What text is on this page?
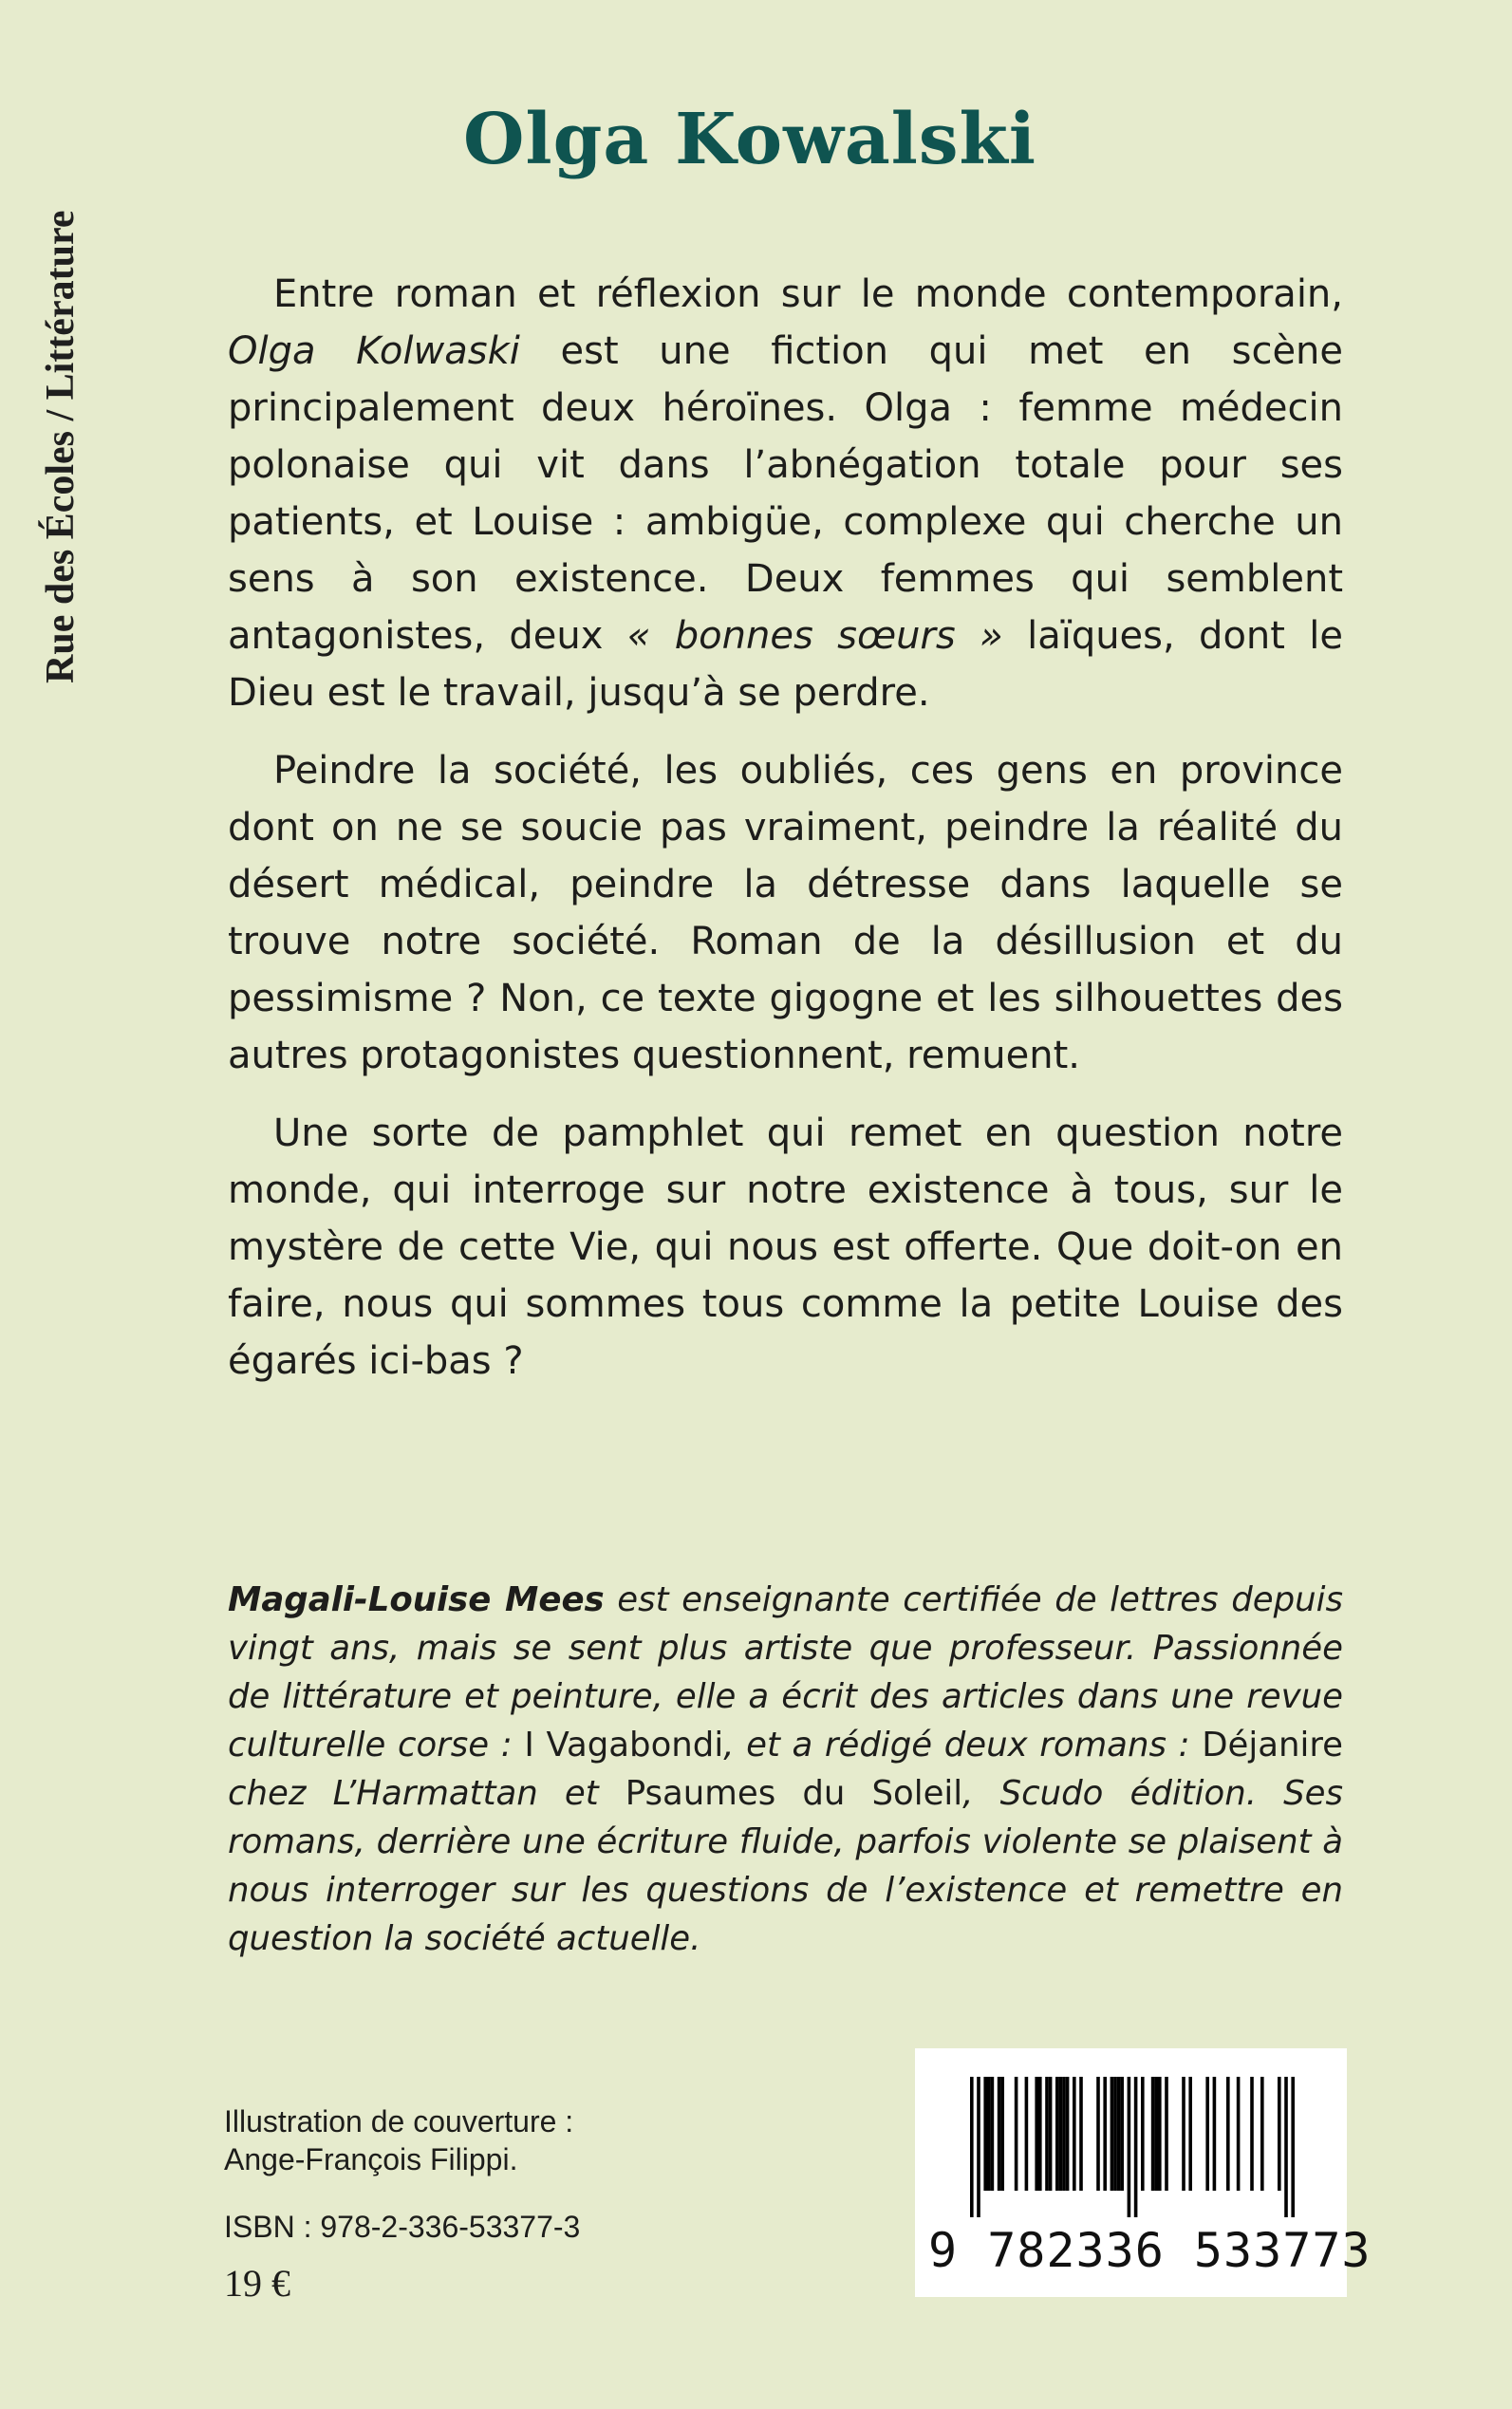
Rue des Écoles / Littérature
Olga Kowalski

Entre roman et réflexion sur le monde contemporain, Olga Kolwaski est une fiction qui met en scène principalement deux héroïnes. Olga : femme médecin polonaise qui vit dans l’abnégation totale pour ses patients, et Louise : ambigüe, complexe qui cherche un sens à son existence. Deux femmes qui semblent antagonistes, deux « bonnes sœurs » laïques, dont le Dieu est le travail, jusqu’à se perdre.

Peindre la société, les oubliés, ces gens en province dont on ne se soucie pas vraiment, peindre la réalité du désert médical, peindre la détresse dans laquelle se trouve notre société. Roman de la désillusion et du pessimisme ? Non, ce texte gigogne et les silhouettes des autres protagonistes questionnent, remuent.

Une sorte de pamphlet qui remet en question notre monde, qui interroge sur notre existence à tous, sur le mystère de cette Vie, qui nous est offerte. Que doit-on en faire, nous qui sommes tous comme la petite Louise des égarés ici-bas ?

Magali-Louise Mees est enseignante certifiée de lettres depuis vingt ans, mais se sent plus artiste que professeur. Passionnée de littérature et peinture, elle a écrit des articles dans une revue culturelle corse : I Vagabondi, et a rédigé deux romans : Déjanire chez L’Harmattan et Psaumes du Soleil, Scudo édition. Ses romans, derrière une écriture fluide, parfois violente se plaisent à nous interroger sur les questions de l’existence et remettre en question la société actuelle.
Illustration de couverture :
Ange-François Filippi.
ISBN : 978-2-336-53377-3
19 €
9 782336 533773
